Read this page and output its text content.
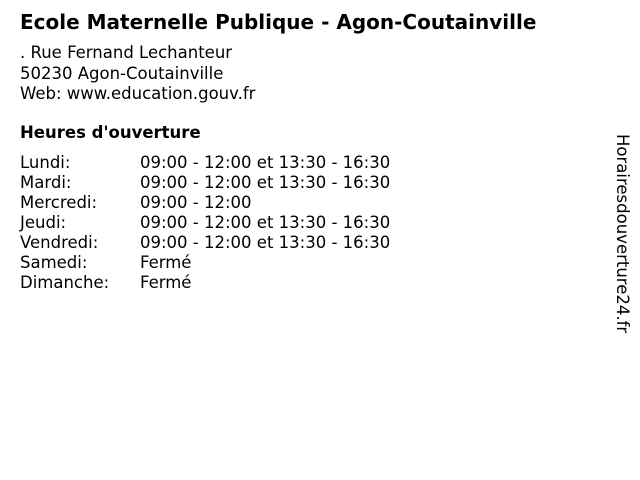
Ecole Maternelle Publique - Agon-Coutainville
. Rue Fernand Lechanteur
50230 Agon-Coutainville
Web: www.education.gouv.fr
Heures d'ouverture
Lundi:	09:00 - 12:00 et 13:30 - 16:30
Mardi:	09:00 - 12:00 et 13:30 - 16:30
Mercredi:	09:00 - 12:00
Jeudi:	09:00 - 12:00 et 13:30 - 16:30
Vendredi:	09:00 - 12:00 et 13:30 - 16:30
Samedi:	Fermé
Dimanche: Fermé	Horairesdouverture24.fr
